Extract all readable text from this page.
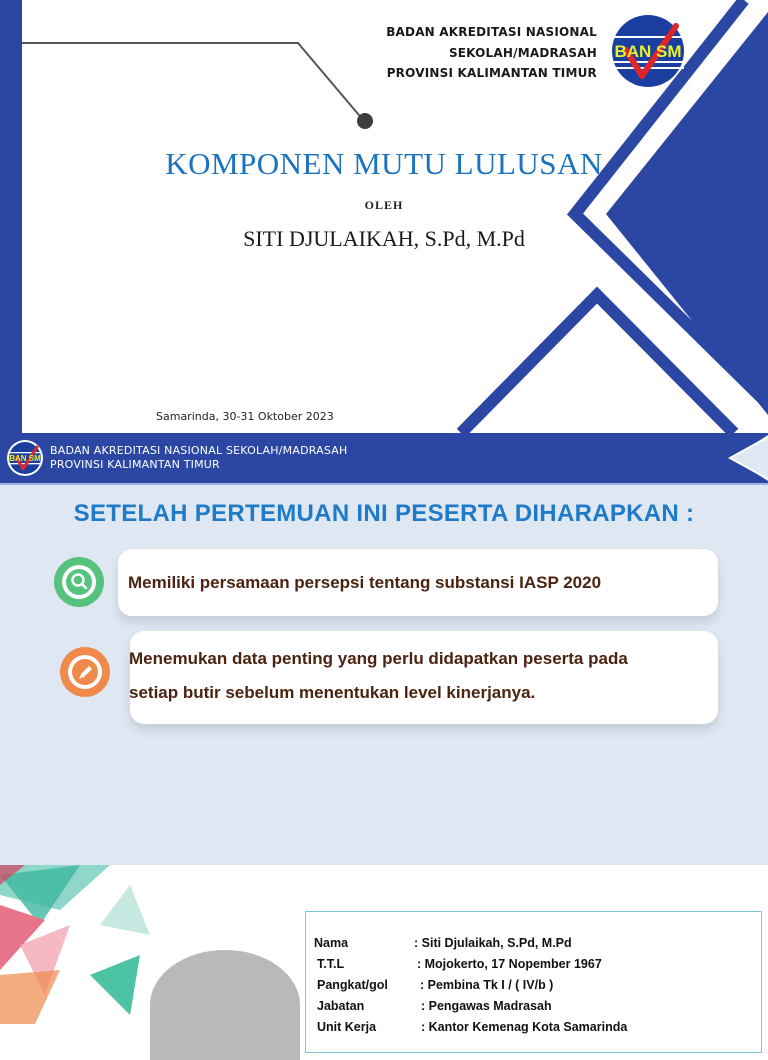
BAN SM
BADAN AKREDITASI NASIONAL
SEKOLAH/MADRASAH
PROVINSI KALIMANTAN TIMUR
KOMPONEN MUTU LULUSAN
OLEH
SITI DJULAIKAH, S.Pd, M.Pd
Samarinda, 30-31 Oktober 2023
BAN SM
BADAN AKREDITASI NASIONAL SEKOLAH/MADRASAH
PROVINSI KALIMANTAN TIMUR
SETELAH PERTEMUAN INI PESERTA DIHARAPKAN :
Memiliki persamaan persepsi tentang substansi IASP 2020
Menemukan data penting yang perlu didapatkan peserta pada
setiap butir sebelum menentukan level kinerjanya.
Nama	: Siti Djulaikah, S.Pd, M.Pd
T.T.L	: Mojokerto, 17 Nopember 1967
Pangkat/gol	: Pembina Tk I / ( IV/b )
Jabatan	: Pengawas Madrasah
Unit Kerja	: Kantor Kemenag Kota Samarinda
